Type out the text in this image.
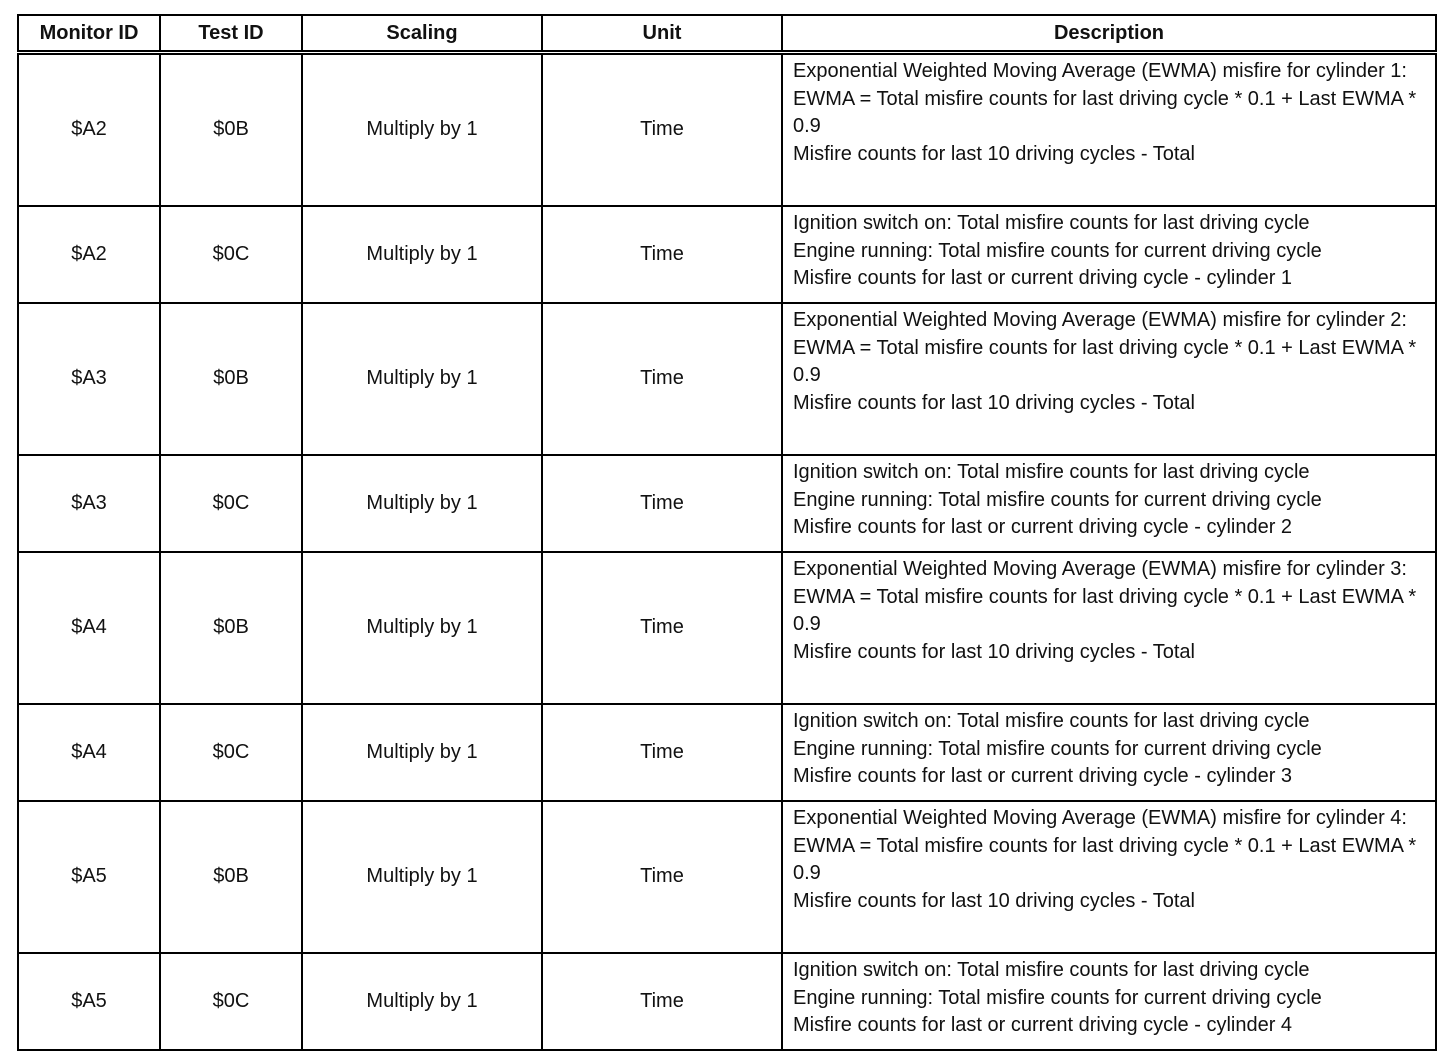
Monitor ID	Test ID	Scaling	Unit	Description
$A2	$0B	Multiply by 1	Time	Exponential Weighted Moving Average (EWMA) misfire for cylinder 1:
EWMA = Total misfire counts for last driving cycle * 0.1 + Last EWMA * 0.9
Misfire counts for last 10 driving cycles - Total

$A2	$0C	Multiply by 1	Time	Ignition switch on: Total misfire counts for last driving cycle
Engine running: Total misfire counts for current driving cycle
Misfire counts for last or current driving cycle - cylinder 1

$A3	$0B	Multiply by 1	Time	Exponential Weighted Moving Average (EWMA) misfire for cylinder 2:
EWMA = Total misfire counts for last driving cycle * 0.1 + Last EWMA * 0.9
Misfire counts for last 10 driving cycles - Total

$A3	$0C	Multiply by 1	Time	Ignition switch on: Total misfire counts for last driving cycle
Engine running: Total misfire counts for current driving cycle
Misfire counts for last or current driving cycle - cylinder 2

$A4	$0B	Multiply by 1	Time	Exponential Weighted Moving Average (EWMA) misfire for cylinder 3:
EWMA = Total misfire counts for last driving cycle * 0.1 + Last EWMA * 0.9
Misfire counts for last 10 driving cycles - Total

$A4	$0C	Multiply by 1	Time	Ignition switch on: Total misfire counts for last driving cycle
Engine running: Total misfire counts for current driving cycle
Misfire counts for last or current driving cycle - cylinder 3

$A5	$0B	Multiply by 1	Time	Exponential Weighted Moving Average (EWMA) misfire for cylinder 4:
EWMA = Total misfire counts for last driving cycle * 0.1 + Last EWMA * 0.9
Misfire counts for last 10 driving cycles - Total

$A5	$0C	Multiply by 1	Time	Ignition switch on: Total misfire counts for last driving cycle
Engine running: Total misfire counts for current driving cycle
Misfire counts for last or current driving cycle - cylinder 4
